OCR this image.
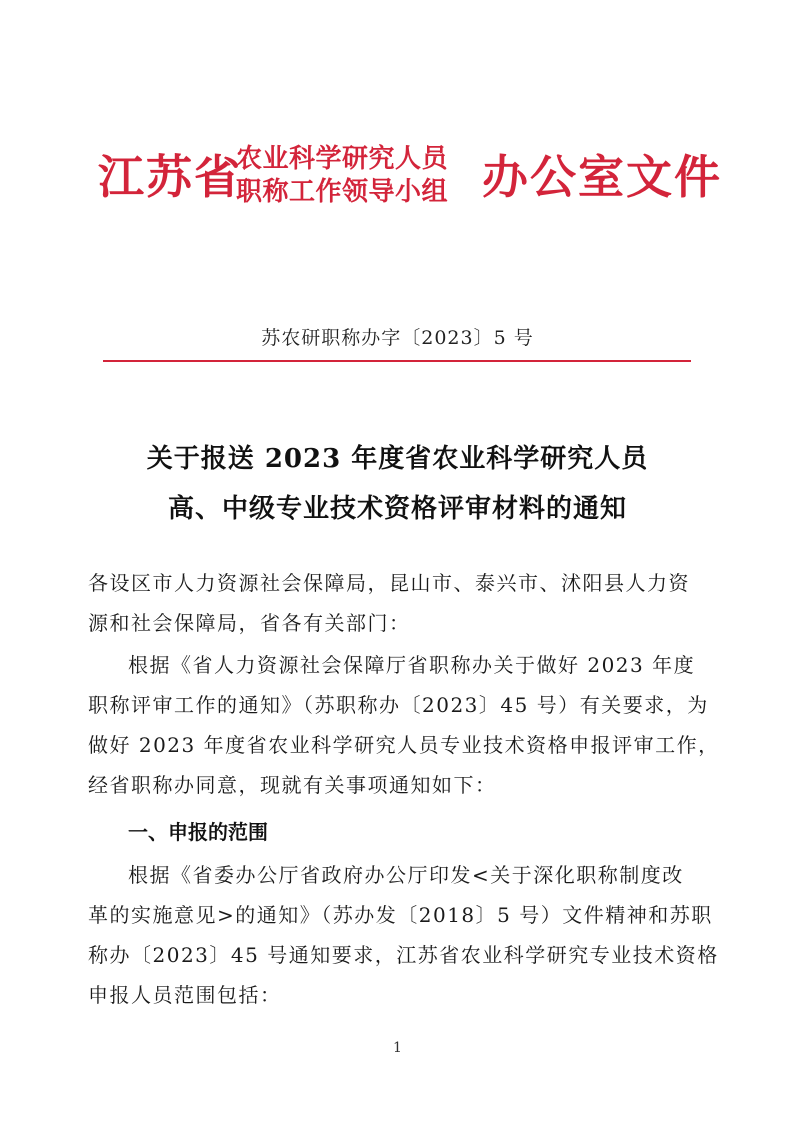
江苏省
农业科学研究人员
职称工作领导小组 办公室文件
苏农研职称办字〔2023〕5 号
关于报送 2023 年度省农业科学研究人员
高、中级专业技术资格评审材料的通知
各设区市人力资源社会保障局，昆山市、泰兴市、沭阳县人力资
源和社会保障局，省各有关部门：
根据《省人力资源社会保障厅省职称办关于做好 2023 年度
职称评审工作的通知》（苏职称办〔2023〕45 号）有关要求，为
做好 2023 年度省农业科学研究人员专业技术资格申报评审工作，
经省职称办同意，现就有关事项通知如下：
一、申报的范围
根据《省委办公厅省政府办公厅印发<关于深化职称制度改
革的实施意见>的通知》（苏办发〔2018〕5 号）文件精神和苏职
称办〔2023〕45 号通知要求，江苏省农业科学研究专业技术资格
申报人员范围包括：
1
